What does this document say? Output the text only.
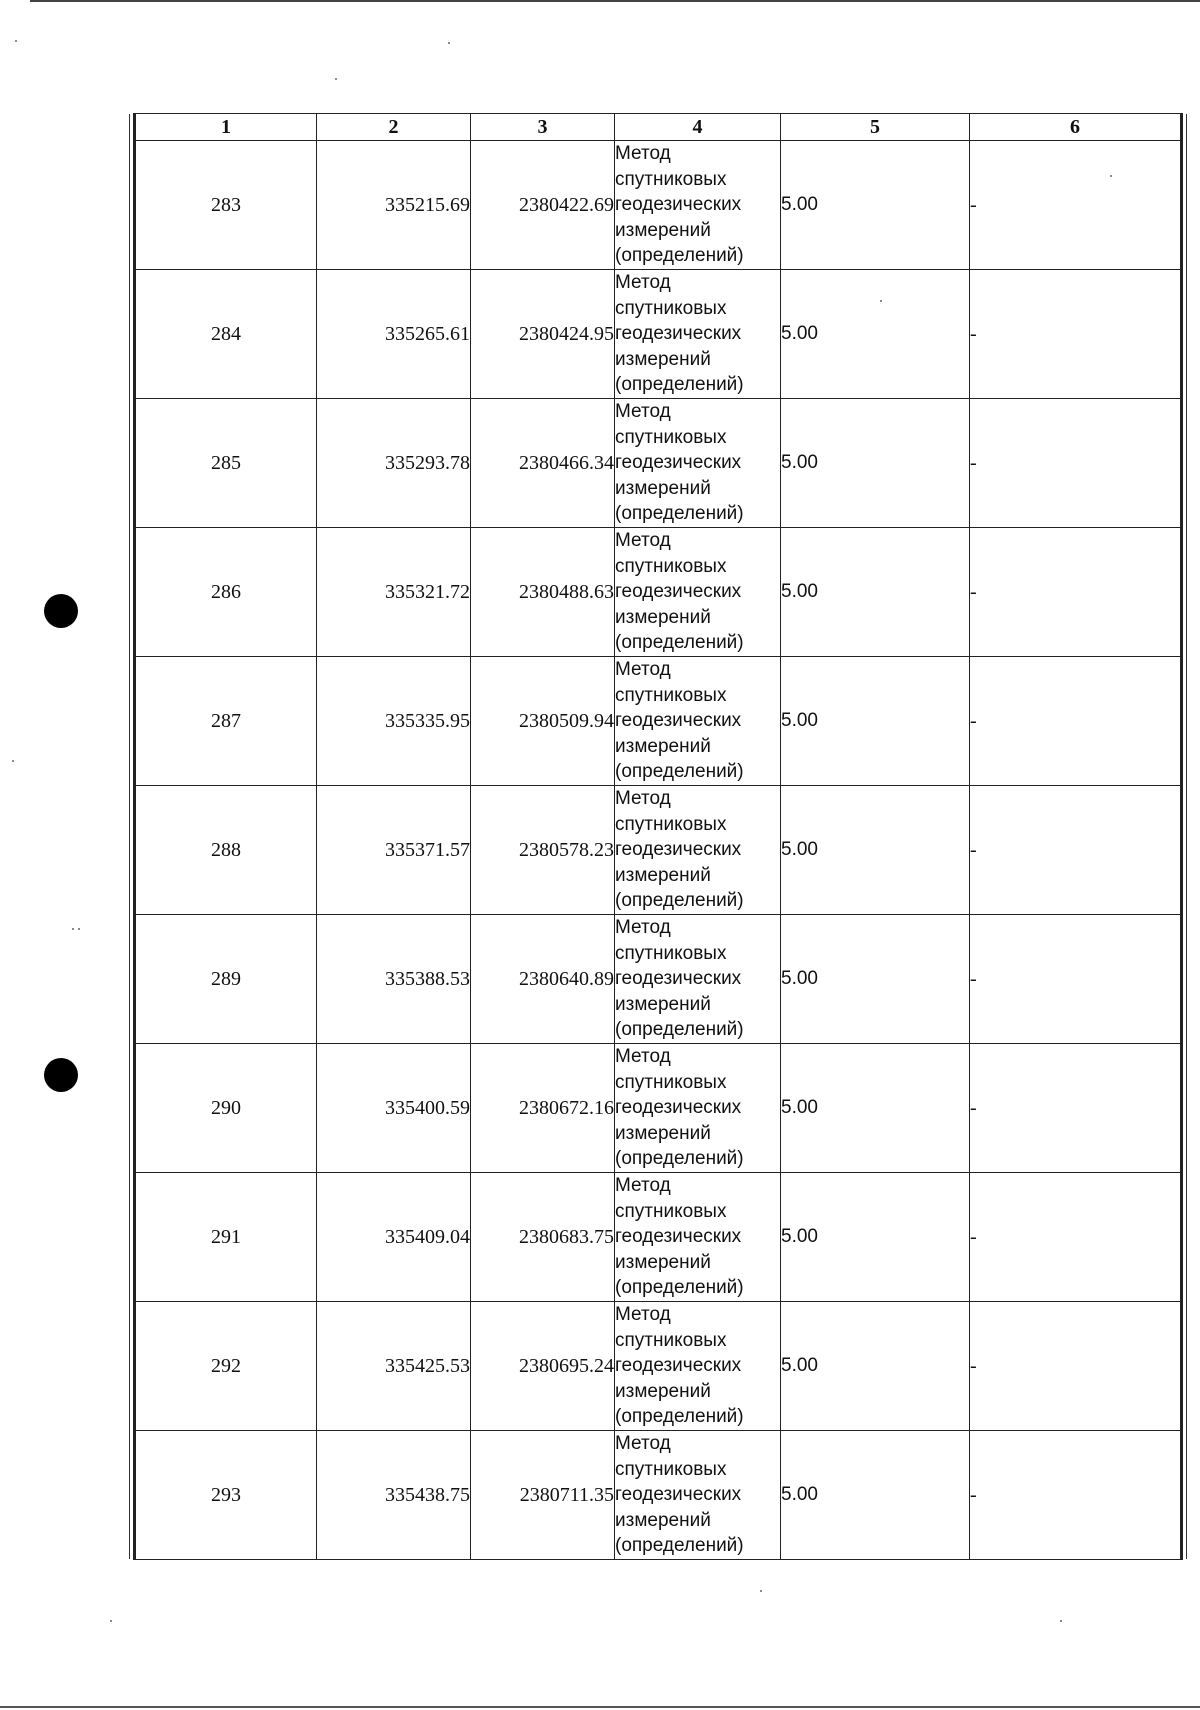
1	2	3	4	5	6
283	335215.69	2380422.69	Метод
спутниковых
геодезических
измерений
(определений)	5.00	-
284	335265.61	2380424.95	Метод
спутниковых
геодезических
измерений
(определений)	5.00	-
285	335293.78	2380466.34	Метод
спутниковых
геодезических
измерений
(определений)	5.00	-
286	335321.72	2380488.63	Метод
спутниковых
геодезических
измерений
(определений)	5.00	-
287	335335.95	2380509.94	Метод
спутниковых
геодезических
измерений
(определений)	5.00	-
288	335371.57	2380578.23	Метод
спутниковых
геодезических
измерений
(определений)	5.00	-
289	335388.53	2380640.89	Метод
спутниковых
геодезических
измерений
(определений)	5.00	-
290	335400.59	2380672.16	Метод
спутниковых
геодезических
измерений
(определений)	5.00	-
291	335409.04	2380683.75	Метод
спутниковых
геодезических
измерений
(определений)	5.00	-
292	335425.53	2380695.24	Метод
спутниковых
геодезических
измерений
(определений)	5.00	-
293	335438.75	2380711.35	Метод
спутниковых
геодезических
измерений
(определений)	5.00	-
